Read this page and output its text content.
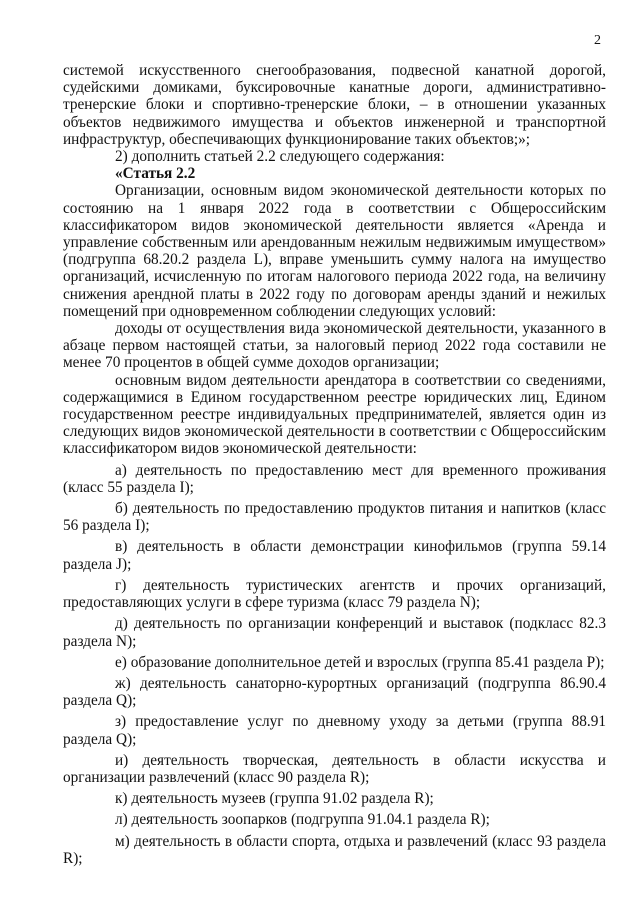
2

системой искусственного снегообразования, подвесной канатной дорогой, судейскими домиками, буксировочные канатные дороги, административно-тренерские блоки и спортивно-тренерские блоки, – в отношении указанных объектов недвижимого имущества и объектов инженерной и транспортной инфраструктур, обеспечивающих функционирование таких объектов;»;

2) дополнить статьей 2.2 следующего содержания:

«Статья 2.2

Организации, основным видом экономической деятельности которых по состоянию на 1 января 2022 года в соответствии с Общероссийским классификатором видов экономической деятельности является «Аренда и управление собственным или арендованным нежилым недвижимым имуществом» (подгруппа 68.20.2 раздела L), вправе уменьшить сумму налога на имущество организаций, исчисленную по итогам налогового периода 2022 года, на величину снижения арендной платы в 2022 году по договорам аренды зданий и нежилых помещений при одновременном соблюдении следующих условий:

доходы от осуществления вида экономической деятельности, указанного в абзаце первом настоящей статьи, за налоговый период 2022 года составили не менее 70 процентов в общей сумме доходов организации;

основным видом деятельности арендатора в соответствии со сведениями, содержащимися в Едином государственном реестре юридических лиц, Едином государственном реестре индивидуальных предпринимателей, является один из следующих видов экономической деятельности в соответствии с Общероссийским классификатором видов экономической деятельности:

а) деятельность по предоставлению мест для временного проживания (класс 55 раздела I);

б) деятельность по предоставлению продуктов питания и напитков (класс 56 раздела I);

в) деятельность в области демонстрации кинофильмов (группа 59.14 раздела J);

г) деятельность туристических агентств и прочих организаций, предоставляющих услуги в сфере туризма (класс 79 раздела N);

д) деятельность по организации конференций и выставок (подкласс 82.3 раздела N);

е) образование дополнительное детей и взрослых (группа 85.41 раздела P);

ж) деятельность санаторно-курортных организаций (подгруппа 86.90.4 раздела Q);

з) предоставление услуг по дневному уходу за детьми (группа 88.91 раздела Q);

и) деятельность творческая, деятельность в области искусства и организации развлечений (класс 90 раздела R);

к) деятельность музеев (группа 91.02 раздела R);

л) деятельность зоопарков (подгруппа 91.04.1 раздела R);

м) деятельность в области спорта, отдыха и развлечений (класс 93 раздела R);
